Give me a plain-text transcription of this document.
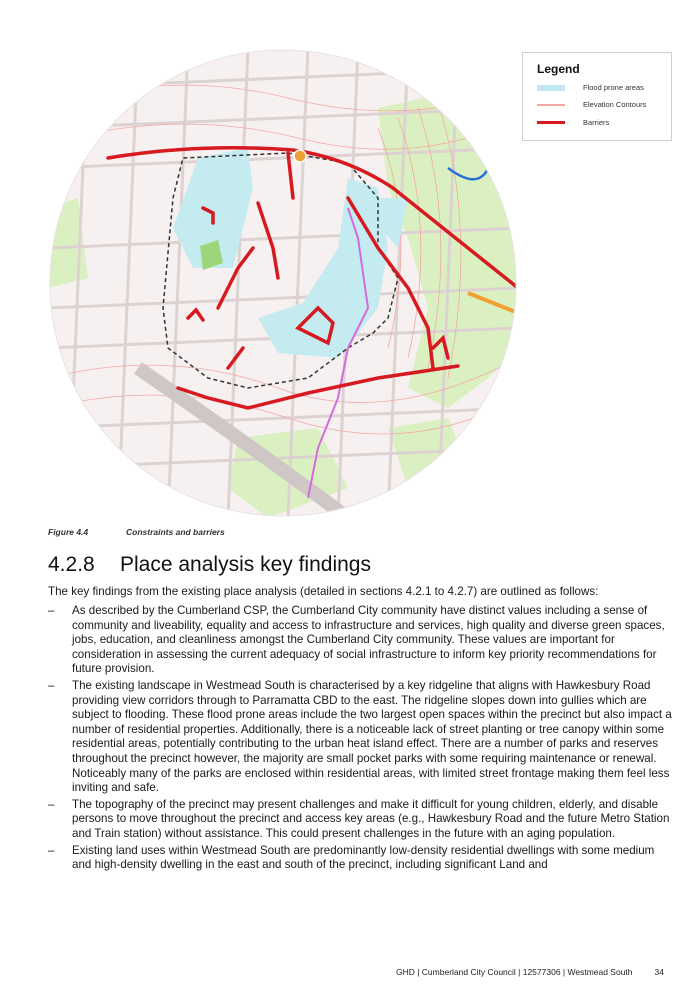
Legend
Flood prone areas
Elevation Contours
Barriers
Figure 4.4	Constraints and barriers
4.2.8 Place analysis key findings
The key findings from the existing place analysis (detailed in sections 4.2.1 to 4.2.7) are outlined as follows:
– As described by the Cumberland CSP, the Cumberland City community have distinct values including a sense of community and liveability, equality and access to infrastructure and services, high quality and diverse green spaces, jobs, education, and cleanliness amongst the Cumberland City community. These values are important for consideration in assessing the current adequacy of social infrastructure to inform key priority recommendations for future provision.
– The existing landscape in Westmead South is characterised by a key ridgeline that aligns with Hawkesbury Road providing view corridors through to Parramatta CBD to the east. The ridgeline slopes down into gullies which are subject to flooding. These flood prone areas include the two largest open spaces within the precinct but also impact a number of residential properties. Additionally, there is a noticeable lack of street planting or tree canopy within some residential areas, potentially contributing to the urban heat island effect. There are a number of parks and reserves throughout the precinct however, the majority are small pocket parks with some requiring maintenance or renewal. Noticeably many of the parks are enclosed within residential areas, with limited street frontage making them feel less inviting and safe.
– The topography of the precinct may present challenges and make it difficult for young children, elderly, and disable persons to move throughout the precinct and access key areas (e.g., Hawkesbury Road and the future Metro Station and Train station) without assistance. This could present challenges in the future with an aging population.
– Existing land uses within Westmead South are predominantly low-density residential dwellings with some medium and high-density dwelling in the east and south of the precinct, including significant Land and
GHD | Cumberland City Council | 12577306 | Westmead South	34
